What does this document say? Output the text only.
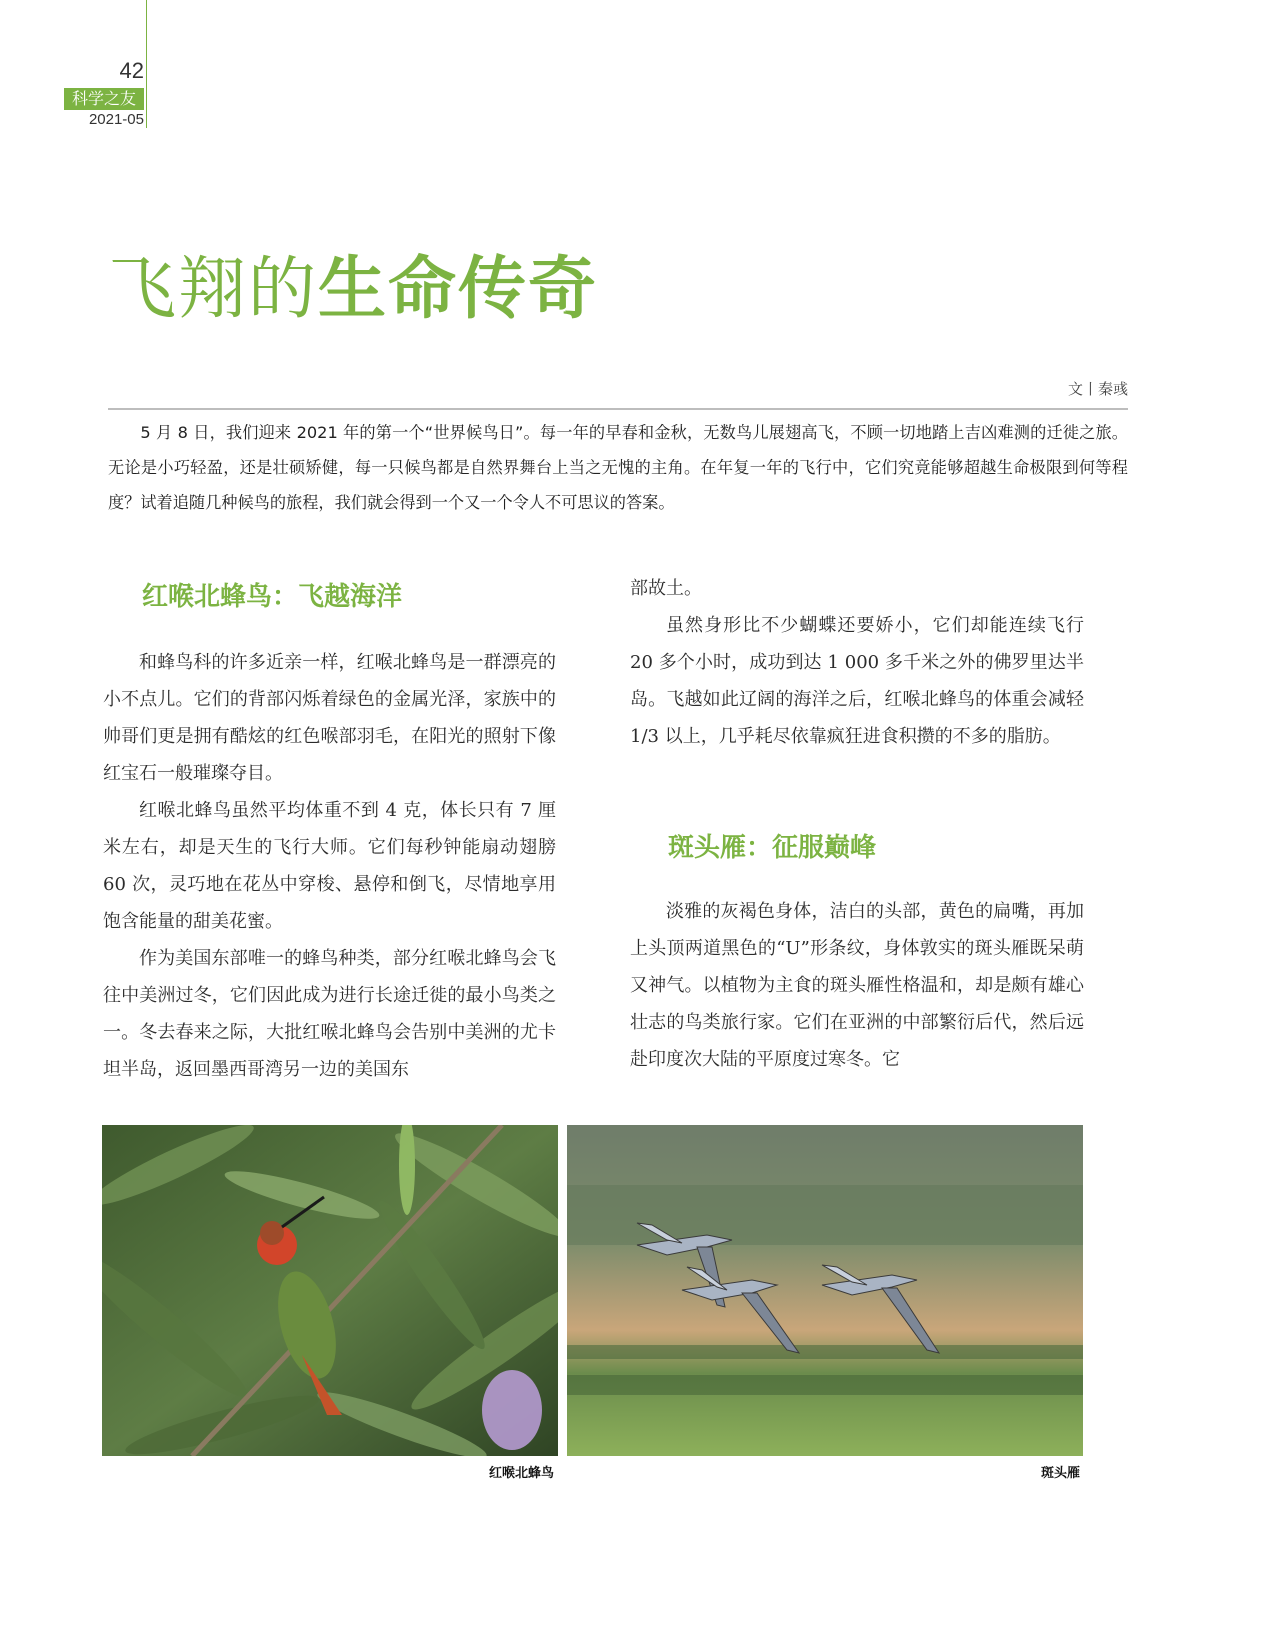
42
科学之友
2021-05
飞翔的生命传奇
文丨秦彧

5 月 8 日，我们迎来 2021 年的第一个“世界候鸟日”。每一年的早春和金秋，无数鸟儿展翅高飞，不顾一切地踏上吉凶难测的迁徙之旅。无论是小巧轻盈，还是壮硕矫健，每一只候鸟都是自然界舞台上当之无愧的主角。在年复一年的飞行中，它们究竟能够超越生命极限到何等程度？试着追随几种候鸟的旅程，我们就会得到一个又一个令人不可思议的答案。

红喉北蜂鸟：飞越海洋

和蜂鸟科的许多近亲一样，红喉北蜂鸟是一群漂亮的小不点儿。它们的背部闪烁着绿色的金属光泽，家族中的帅哥们更是拥有酷炫的红色喉部羽毛，在阳光的照射下像红宝石一般璀璨夺目。

红喉北蜂鸟虽然平均体重不到 4 克，体长只有 7 厘米左右，却是天生的飞行大师。它们每秒钟能扇动翅膀 60 次，灵巧地在花丛中穿梭、悬停和倒飞，尽情地享用饱含能量的甜美花蜜。

作为美国东部唯一的蜂鸟种类，部分红喉北蜂鸟会飞往中美洲过冬，它们因此成为进行长途迁徙的最小鸟类之一。冬去春来之际，大批红喉北蜂鸟会告别中美洲的尤卡坦半岛，返回墨西哥湾另一边的美国东

部故土。

虽然身形比不少蝴蝶还要娇小，它们却能连续飞行 20 多个小时，成功到达 1 000 多千米之外的佛罗里达半岛。飞越如此辽阔的海洋之后，红喉北蜂鸟的体重会减轻 1/3 以上，几乎耗尽依靠疯狂进食积攒的不多的脂肪。

斑头雁：征服巅峰

淡雅的灰褐色身体，洁白的头部，黄色的扁嘴，再加上头顶两道黑色的“U”形条纹，身体敦实的斑头雁既呆萌又神气。以植物为主食的斑头雁性格温和，却是颇有雄心壮志的鸟类旅行家。它们在亚洲的中部繁衍后代，然后远赴印度次大陆的平原度过寒冬。它

红喉北蜂鸟	斑头雁
